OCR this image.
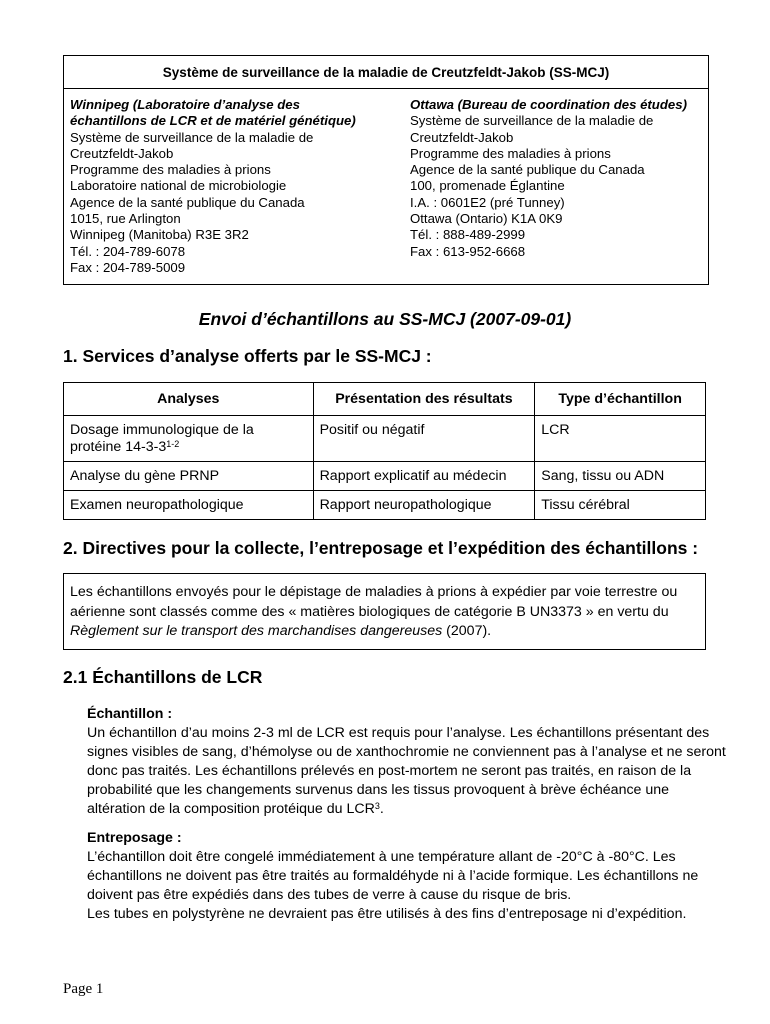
Système de surveillance de la maladie de Creutzfeldt-Jakob (SS-MCJ)
Winnipeg (Laboratoire d’analyse des
échantillons de LCR et de matériel génétique)
Système de surveillance de la maladie de
Creutzfeldt-Jakob
Programme des maladies à prions
Laboratoire national de microbiologie
Agence de la santé publique du Canada
1015, rue Arlington
Winnipeg (Manitoba) R3E 3R2
Tél. : 204-789-6078
Fax : 204-789-5009
Ottawa (Bureau de coordination des études)
Système de surveillance de la maladie de
Creutzfeldt-Jakob
Programme des maladies à prions
Agence de la santé publique du Canada
100, promenade Églantine
I.A. : 0601E2 (pré Tunney)
Ottawa (Ontario) K1A 0K9
Tél. : 888-489-2999
Fax : 613-952-6668
Envoi d’échantillons au SS-MCJ (2007-09-01)
1. Services d’analyse offerts par le SS-MCJ :
Analyses	Présentation des résultats	Type d’échantillon
Dosage immunologique de la protéine 14-3-3$^{1-2}$	Positif ou négatif	LCR
Analyse du gène PRNP	Rapport explicatif au médecin	Sang, tissu ou ADN
Examen neuropathologique	Rapport neuropathologique	Tissu cérébral
2. Directives pour la collecte, l’entreposage et l’expédition des échantillons :
Les échantillons envoyés pour le dépistage de maladies à prions à expédier par voie terrestre ou aérienne sont classés comme des « matières biologiques de catégorie B UN3373 » en vertu du Règlement sur le transport des marchandises dangereuses (2007).
2.1 Échantillons de LCR
Échantillon :
Un échantillon d’au moins 2-3 ml de LCR est requis pour l’analyse. Les échantillons présentant des signes visibles de sang, d’hémolyse ou de xanthochromie ne conviennent pas à l’analyse et ne seront donc pas traités. Les échantillons prélevés en post-mortem ne seront pas traités, en raison de la probabilité que les changements survenus dans les tissus provoquent à brève échéance une altération de la composition protéique du LCR$^3$.
Entreposage :
L’échantillon doit être congelé immédiatement à une température allant de -20°C à -80°C. Les échantillons ne doivent pas être traités au formaldéhyde ni à l’acide formique. Les échantillons ne doivent pas être expédiés dans des tubes de verre à cause du risque de bris.
Les tubes en polystyrène ne devraient pas être utilisés à des fins d’entreposage ni d’expédition.
Page 1
